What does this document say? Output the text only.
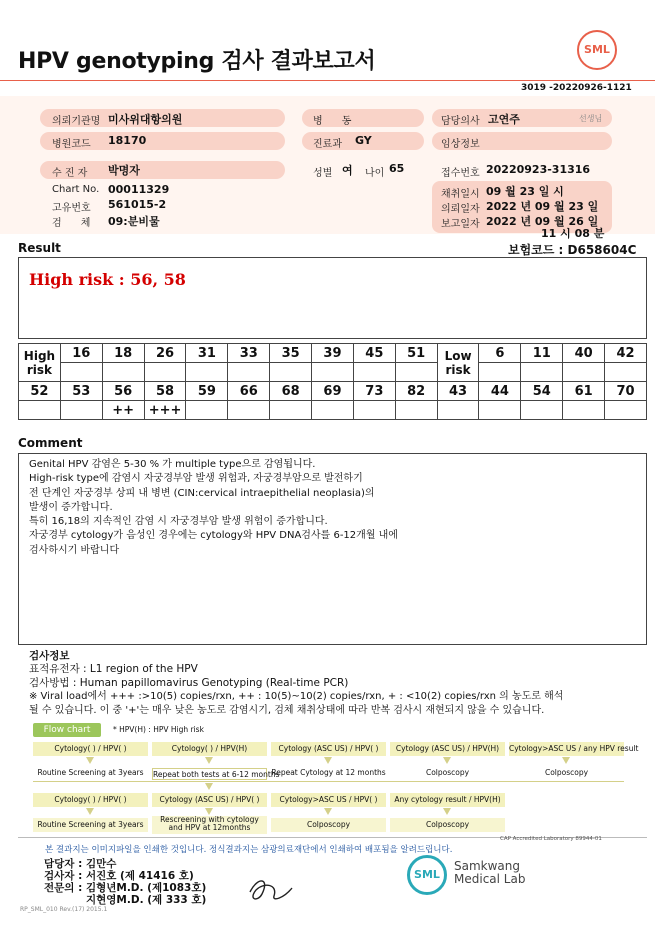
HPV genotyping 검사 결과보고서	SML
3019 -20220926-1121
의뢰기관명 미사위대항의원
병원코드 18170
수 진 자 박명자
Chart No. 00011329
고유번호 561015-2
검      체 09:분비물
병      동
진료과 GY
성별 여 나이 65
담당의사 고연주	선생님
임상정보
접수번호 20220923-31316
채취일시 09 월 23 일 시
의뢰일자 2022 년 09 월 23 일
보고일자 2022 년 09 월 26 일
11 시 08 분
Result	보험코드 : D658604C
High risk : 56, 58
High risk	16	18	26	31	33	35	39	45	51	Low risk	6	11	40	42

52	53	56	58	59	66	68	69	73	82	43	44	54	61	70
		++	+++											
Comment
Genital HPV 감염은 5-30 % 가 multiple type으로 감염됩니다.
High-risk type에 감염시 자궁경부암 발생 위험과, 자궁경부암으로 발전하기
전 단계인 자궁경부 상피 내 병변 (CIN:cervical intraepithelial neoplasia)의
발생이 증가합니다.
특히 16,18의 지속적인 감염 시 자궁경부암 발생 위험이 증가합니다.
자궁경부 cytology가 음성인 경우에는 cytology와 HPV DNA검사를 6-12개월 내에
검사하시기 바랍니다
검사정보
표적유전자 : L1 region of the HPV
검사방법 : Human papillomavirus Genotyping (Real-time PCR)
※ Viral load에서 +++ :>10(5) copies/rxn, ++ : 10(5)~10(2) copies/rxn, + : <10(2) copies/rxn 의 농도로 해석
될 수 있습니다. 이 중 '+'는 매우 낮은 농도로 감염시기, 검체 채취상태에 따라 반복 검사시 재현되지 않을 수 있습니다.
Flow chart	* HPV(H) : HPV High risk
Cytology( ) / HPV( )	Cytology( ) / HPV(H)	Cytology (ASC US) / HPV( )	Cytology (ASC US) / HPV(H)	Cytology>ASC US / any HPV result
Routine Screening at 3years	Repeat both tests at 6-12 months
Repeat Cytology at 12 months	Colposcopy	Colposcopy
Cytology( ) / HPV( )	Cytology (ASC US) / HPV( )	Cytology>ASC US / HPV( )	Any cytology result / HPV(H)
Routine Screening at 3years
Rescreening with cytology and HPV at 12months	Colposcopy	Colposcopy
CAP Accredited Laboratory 89944-01
본 결과지는 이미지파일을 인쇄한 것입니다. 정식결과지는 삼광의료재단에서 인쇄하여 배포됨을 알려드립니다.
담당자 : 김만수
검사자 : 서진호 (제 41416 호)
전문의 : 김형년M.D. (제1083호)
지현영M.D. (제 333 호)
SML
Samkwang
Medical Lab
RP_SML_010 Rev.(17) 2015.1
